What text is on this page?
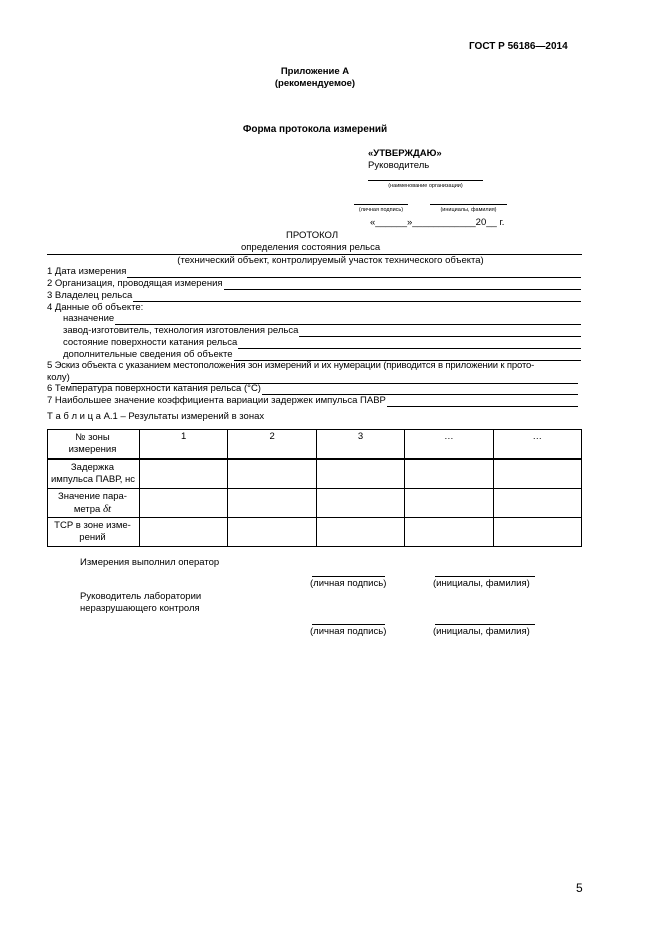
ГОСТ Р 56186—2014
Приложение А
(рекомендуемое)
Форма протокола измерений
«УТВЕРЖДАЮ»
Руководитель
(наименование организации)
(личная подпись)	(инициалы, фамилия)
«______»____________20__ г.
ПРОТОКОЛ
определения состояния рельса
(технический объект, контролируемый участок технического объекта)
1 Дата измерения
2 Организация, проводящая измерения
3 Владелец рельса
4 Данные об объекте:
назначение
завод-изготовитель, технология изготовления рельса
состояние поверхности катания рельса
дополнительные сведения об объекте
5 Эскиз объекта с указанием местоположения зон измерений и их нумерации (приводится в приложении к прото-
колу)
6 Температура поверхности катания рельса (°С)
7 Наибольшее значение коэффициента вариации задержек импульса ПАВР
Т а б л и ц а А.1 – Результаты измерений в зонах
№ зоны
измерения	1	2	3	…	…

Задержка
импульса ПАВР, нс					

Значение пара-
метра δt					

ТСР в зоне изме-
рений					

Измерения выполнил оператор
(личная подпись)	(инициалы, фамилия)
Руководитель лаборатории
неразрушающего контроля
(личная подпись)	(инициалы, фамилия)
5
